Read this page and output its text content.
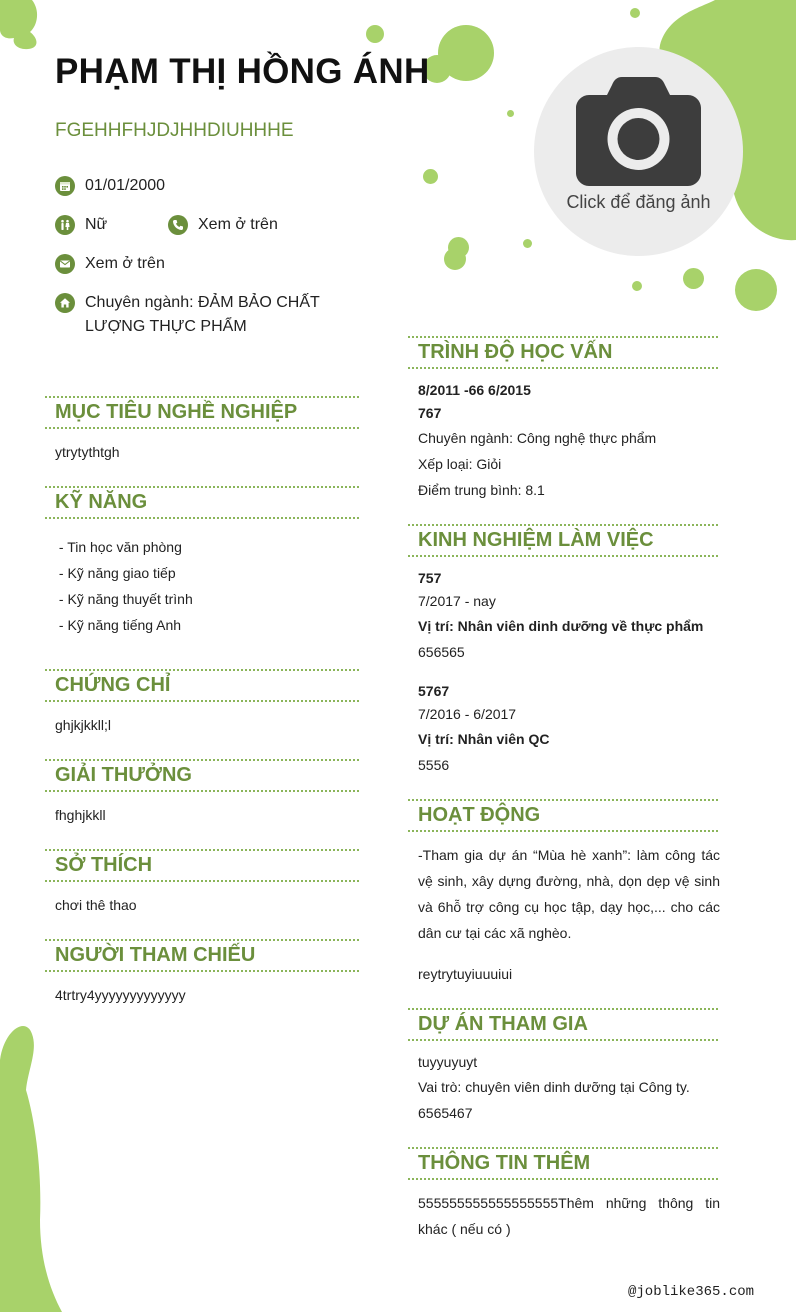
PHẠM THỊ HỒNG ÁNH
FGEHHFHJDJHHDIUHHHE
01/01/2000
Nữ	Xem ở trên
Xem ở trên
Chuyên ngành: ĐẢM BẢO CHẤT
LƯỢNG THỰC PHẨM
Click để đăng ảnh
MỤC TIÊU NGHỀ NGHIỆP
ytrytythtgh
KỸ NĂNG
- Tin học văn phòng
- Kỹ năng giao tiếp
- Kỹ năng thuyết trình
- Kỹ năng tiếng Anh
CHỨNG CHỈ
ghjkjkkll;l
GIẢI THƯỞNG
fhghjkkll
SỞ THÍCH
chơi thê thao
NGƯỜI THAM CHIẾU
4trtry4yyyyyyyyyyyyy
TRÌNH ĐỘ HỌC VẤN
8/2011 -66 6/2015
767
Chuyên ngành: Công nghệ thực phẩm
Xếp loại: Giỏi
Điểm trung bình: 8.1
KINH NGHIỆM LÀM VIỆC
757
7/2017 - nay
Vị trí: Nhân viên dinh dưỡng về thực phẩm
656565
5767
7/2016 - 6/2017
Vị trí: Nhân viên QC
5556
HOẠT ĐỘNG
-Tham gia dự án “Mùa hè xanh”: làm công tác vệ sinh, xây dựng đường, nhà, dọn dẹp vệ sinh và 6hỗ trợ công cụ học tập, dạy học,... cho các dân cư tại các xã nghèo.
reytrytuyiuuuiui
DỰ ÁN THAM GIA
tuyyuyuyt
Vai trò: chuyên viên dinh dưỡng tại Công ty.
6565467
THÔNG TIN THÊM
555555555555555555Thêm những thông tin khác ( nếu có )
@joblike365.com
